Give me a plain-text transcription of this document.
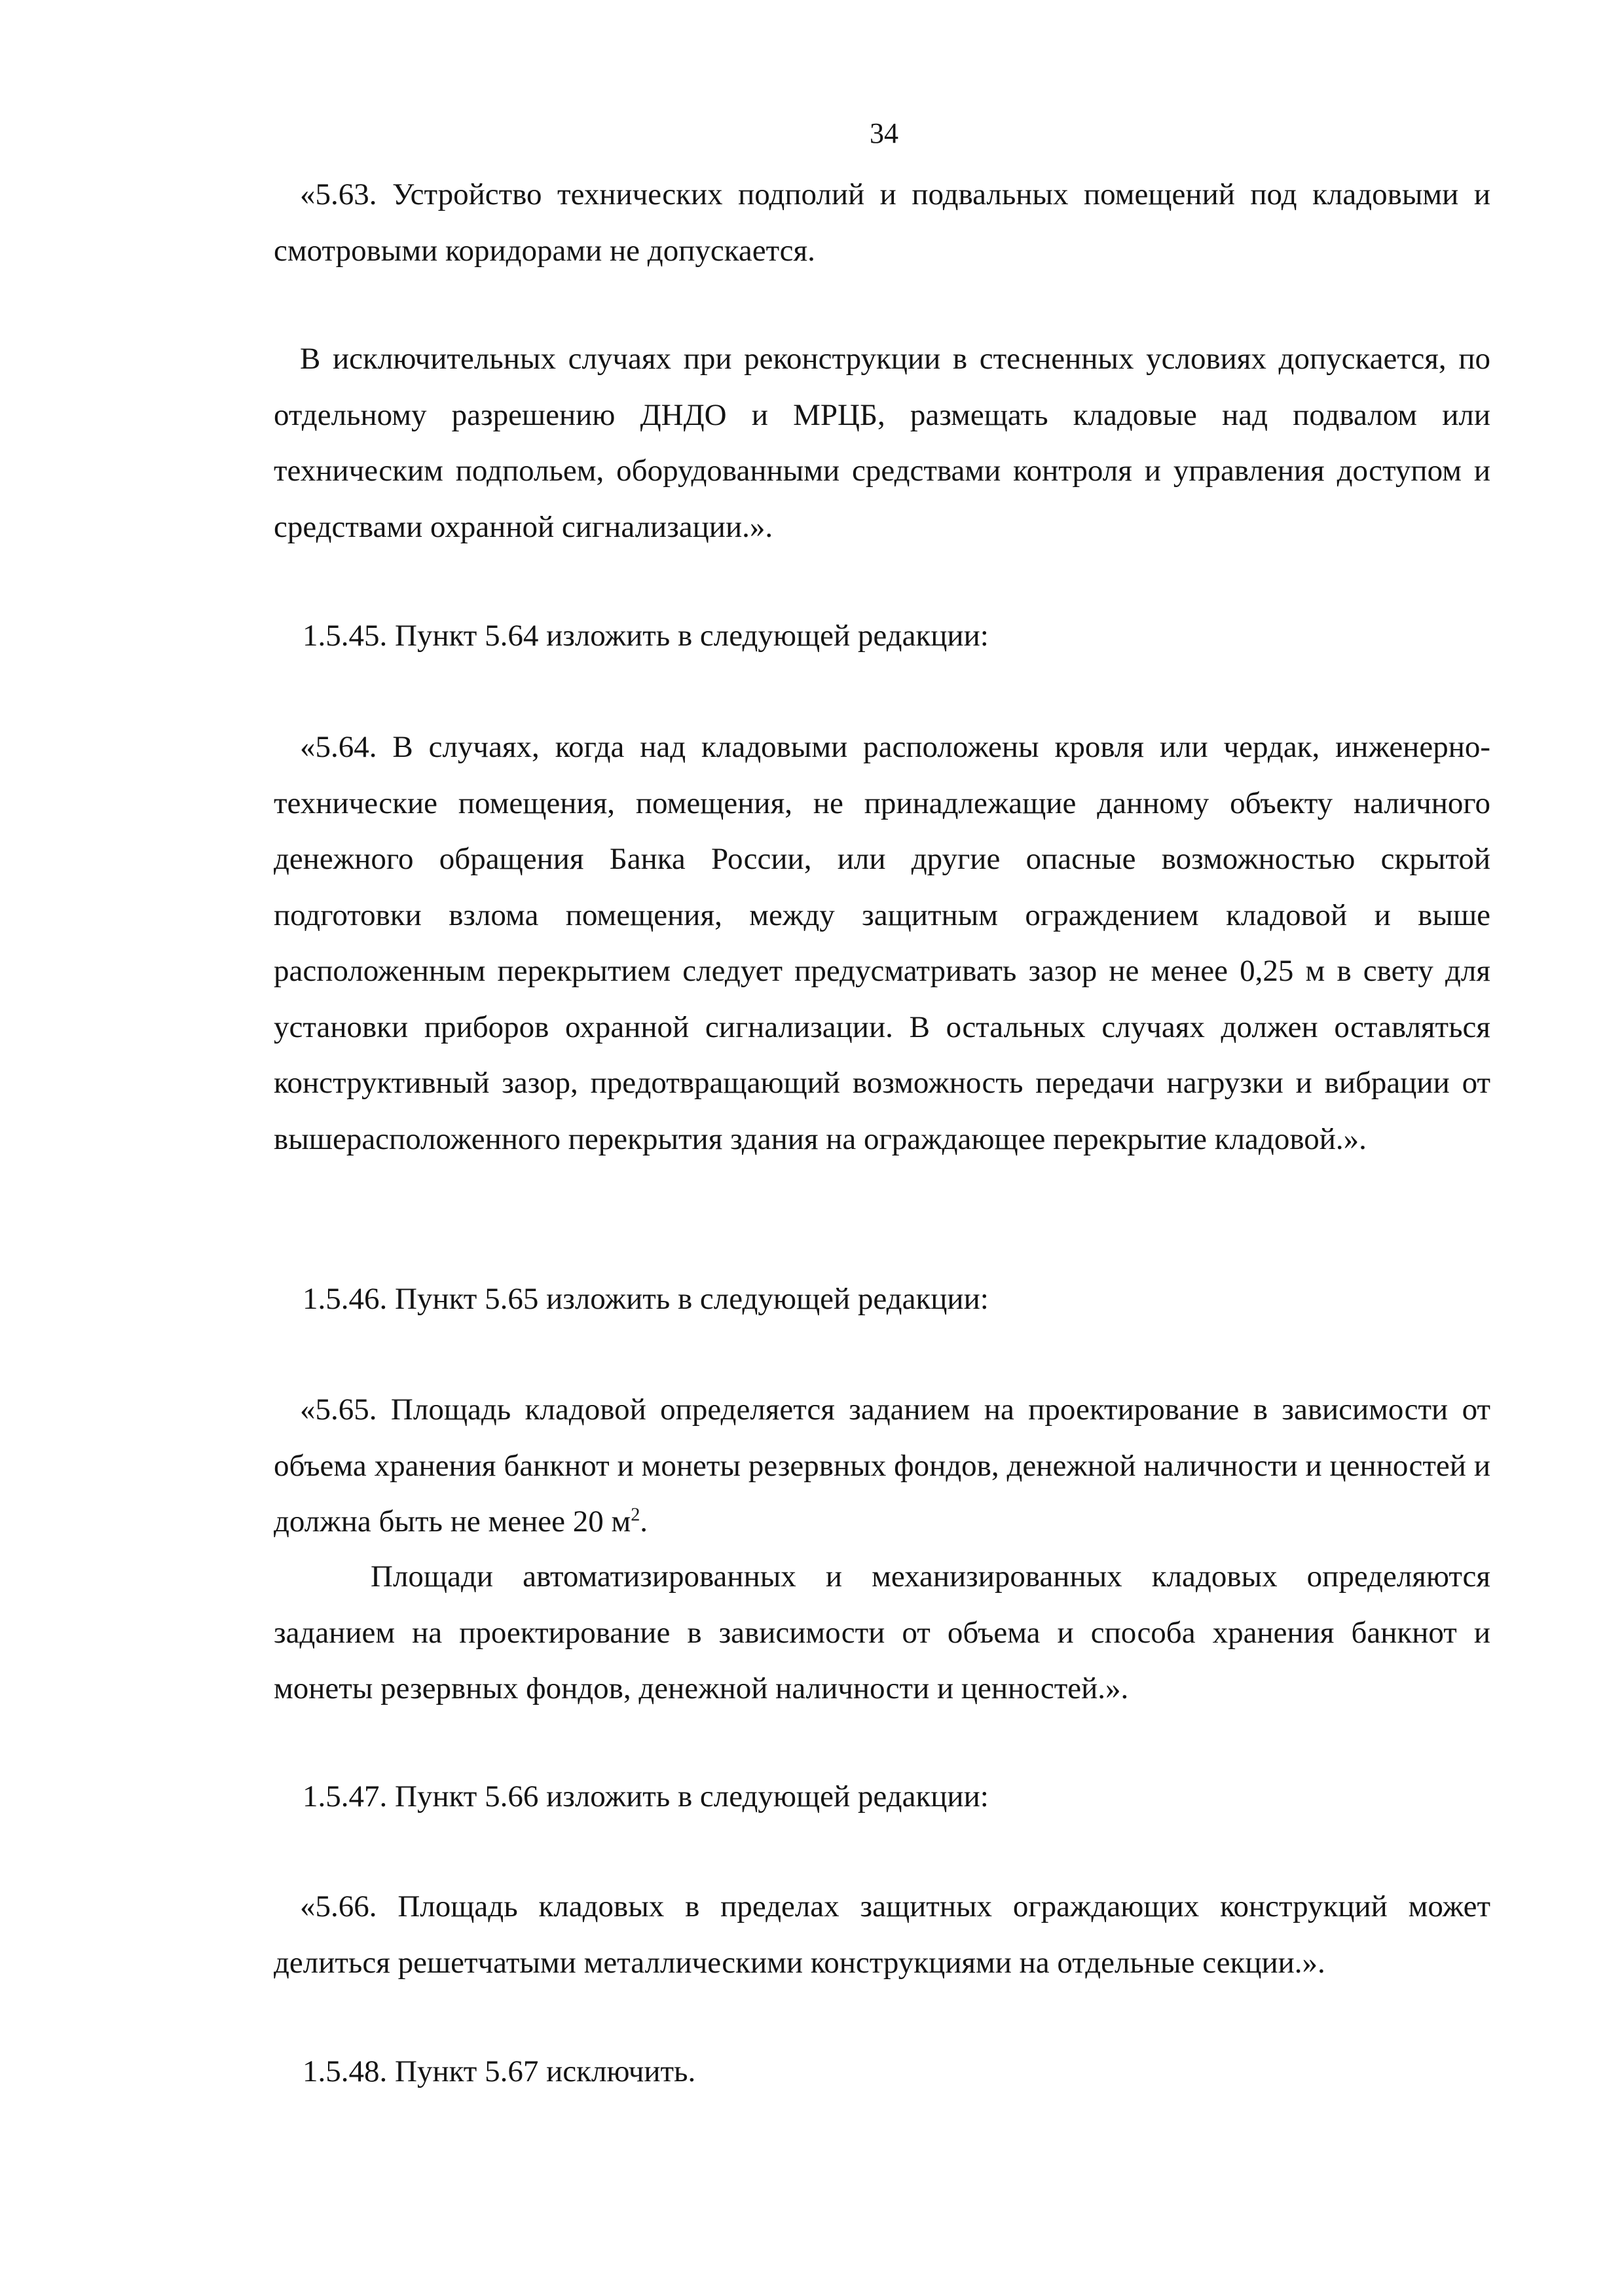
34

«5.63. Устройство технических подполий и подвальных помещений под кладовыми и смотровыми коридорами не допускается.

В исключительных случаях при реконструкции в стесненных условиях допускается, по отдельному разрешению ДНДО и МРЦБ, размещать кладовые над подвалом или техническим подпольем, оборудованными средствами контроля и управления доступом и средствами охранной сигнализации.».

1.5.45. Пункт 5.64 изложить в следующей редакции:

«5.64. В случаях, когда над кладовыми расположены кровля или чердак, инженерно-технические помещения, помещения, не принадлежащие данному объекту наличного денежного обращения Банка России, или другие опасные возможностью скрытой подготовки взлома помещения, между защитным ограждением кладовой и выше расположенным перекрытием следует предусматривать зазор не менее 0,25 м в свету для установки приборов охранной сигнализации. В остальных случаях должен оставляться конструктивный зазор, предотвращающий возможность передачи нагрузки и вибрации от вышерасположенного перекрытия здания на ограждающее перекрытие кладовой.».

1.5.46. Пункт 5.65 изложить в следующей редакции:

«5.65. Площадь кладовой определяется заданием на проектирование в зависимости от объема хранения банкнот и монеты резервных фондов, денежной наличности и ценностей и должна быть не менее 20 $м^2$.

Площади автоматизированных и механизированных кладовых определяются заданием на проектирование в зависимости от объема и способа хранения банкнот и монеты резервных фондов, денежной наличности и ценностей.».

1.5.47. Пункт 5.66 изложить в следующей редакции:

«5.66. Площадь кладовых в пределах защитных ограждающих конструкций может делиться решетчатыми металлическими конструкциями на отдельные секции.».

1.5.48. Пункт 5.67 исключить.
